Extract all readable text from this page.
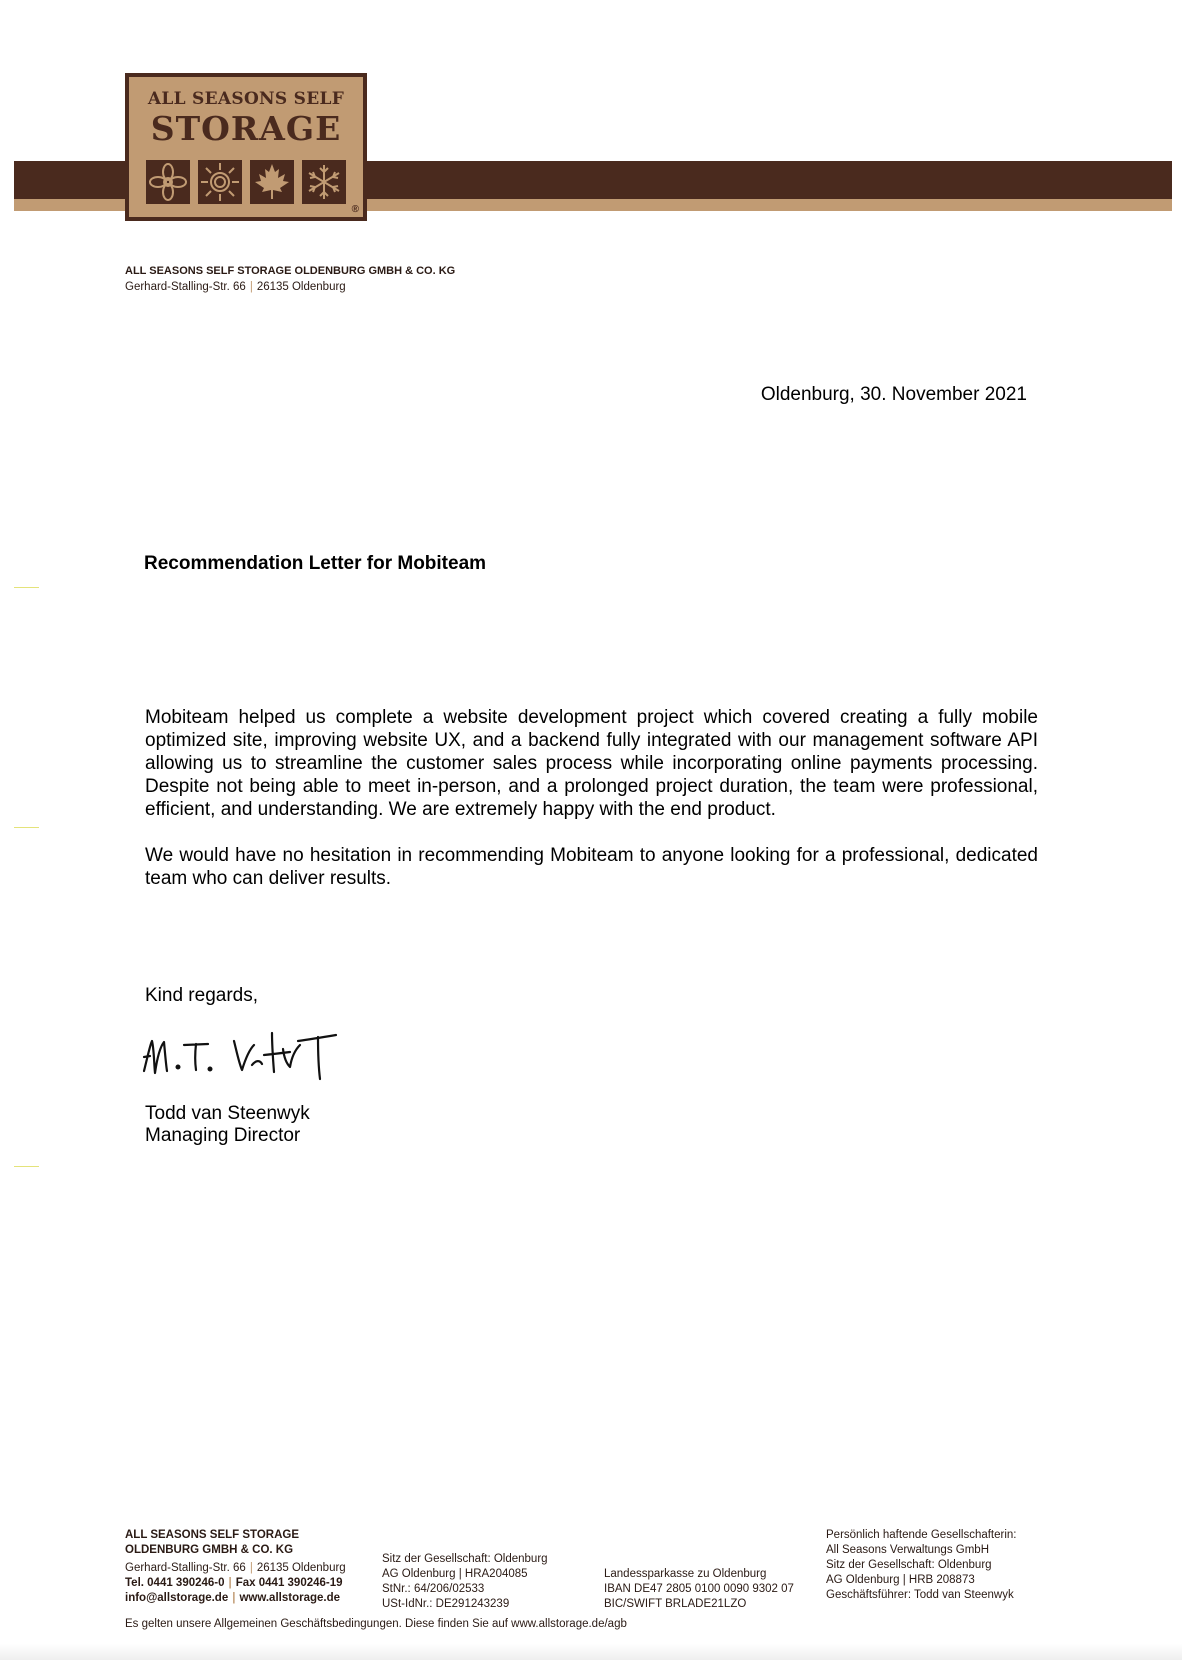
ALL SEASONS SELF
STORAGE
®
ALL SEASONS SELF STORAGE OLDENBURG GMBH & CO. KG
Gerhard-Stalling-Str. 66 | 26135 Oldenburg
Oldenburg, 30. November 2021
Recommendation Letter for Mobiteam

Mobiteam helped us complete a website development project which covered creating a fully mobile optimized site, improving website UX, and a backend fully integrated with our management software API allowing us to streamline the customer sales process while incorporating online payments processing. Despite not being able to meet in-person, and a prolonged project duration, the team were professional, efficient, and understanding. We are extremely happy with the end product.

We would have no hesitation in recommending Mobiteam to anyone looking for a professional, dedicated team who can deliver results.

Kind regards,
Todd van Steenwyk
Managing Director
ALL SEASONS SELF STORAGE
OLDENBURG GMBH & CO. KG
Gerhard-Stalling-Str. 66 | 26135 Oldenburg
Tel. 0441 390246-0 | Fax 0441 390246-19
info@allstorage.de | www.allstorage.de
Sitz der Gesellschaft: Oldenburg
AG Oldenburg | HRA204085
StNr.: 64/206/02533
USt-IdNr.: DE291243239
Landessparkasse zu Oldenburg
IBAN DE47 2805 0100 0090 9302 07
BIC/SWIFT BRLADE21LZO
Persönlich haftende Gesellschafterin:
All Seasons Verwaltungs GmbH
Sitz der Gesellschaft: Oldenburg
AG Oldenburg | HRB 208873
Geschäftsführer: Todd van Steenwyk
Es gelten unsere Allgemeinen Geschäftsbedingungen. Diese finden Sie auf www.allstorage.de/agb
